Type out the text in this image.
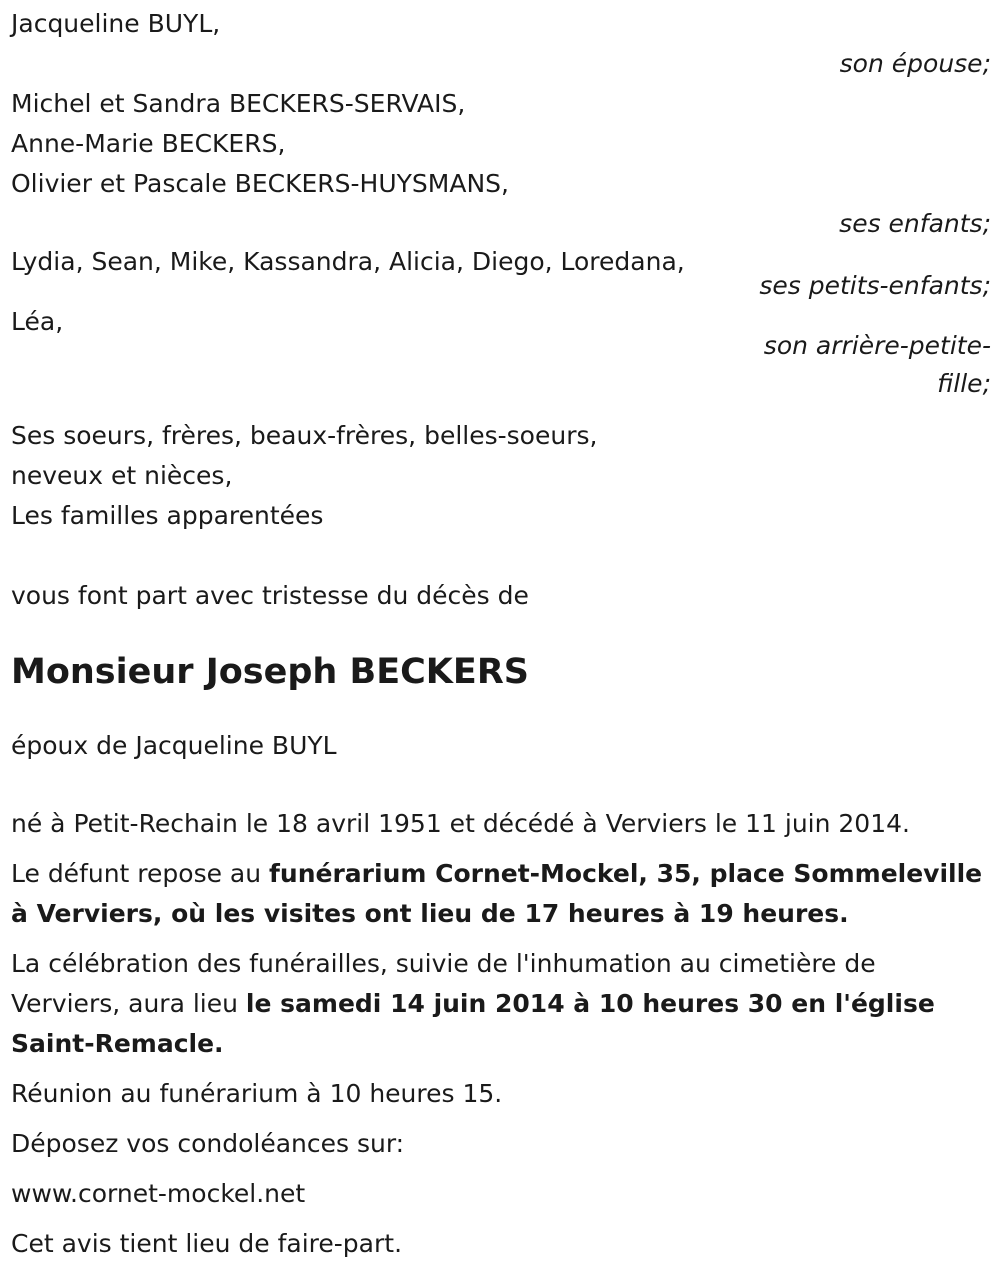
Jacqueline BUYL,
son épouse;
Michel et Sandra BECKERS-SERVAIS,
Anne-Marie BECKERS,
Olivier et Pascale BECKERS-HUYSMANS,
ses enfants;
Lydia, Sean, Mike, Kassandra, Alicia, Diego, Loredana,
ses petits-enfants;
Léa,
son arrière-petite-
fille;
Ses soeurs, frères, beaux-frères, belles-soeurs,
neveux et nièces,
Les familles apparentées
vous font part avec tristesse du décès de
Monsieur Joseph BECKERS
époux de Jacqueline BUYL
né à Petit-Rechain le 18 avril 1951 et décédé à Verviers le 11 juin 2014.
Le défunt repose au funérarium Cornet-Mockel, 35, place Sommeleville à Verviers, où les visites ont lieu de 17 heures à 19 heures.
La célébration des funérailles, suivie de l'inhumation au cimetière de Verviers, aura lieu le samedi 14 juin 2014 à 10 heures 30 en l'église Saint-Remacle.
Réunion au funérarium à 10 heures 15.
Déposez vos condoléances sur:
www.cornet-mockel.net
Cet avis tient lieu de faire-part.
